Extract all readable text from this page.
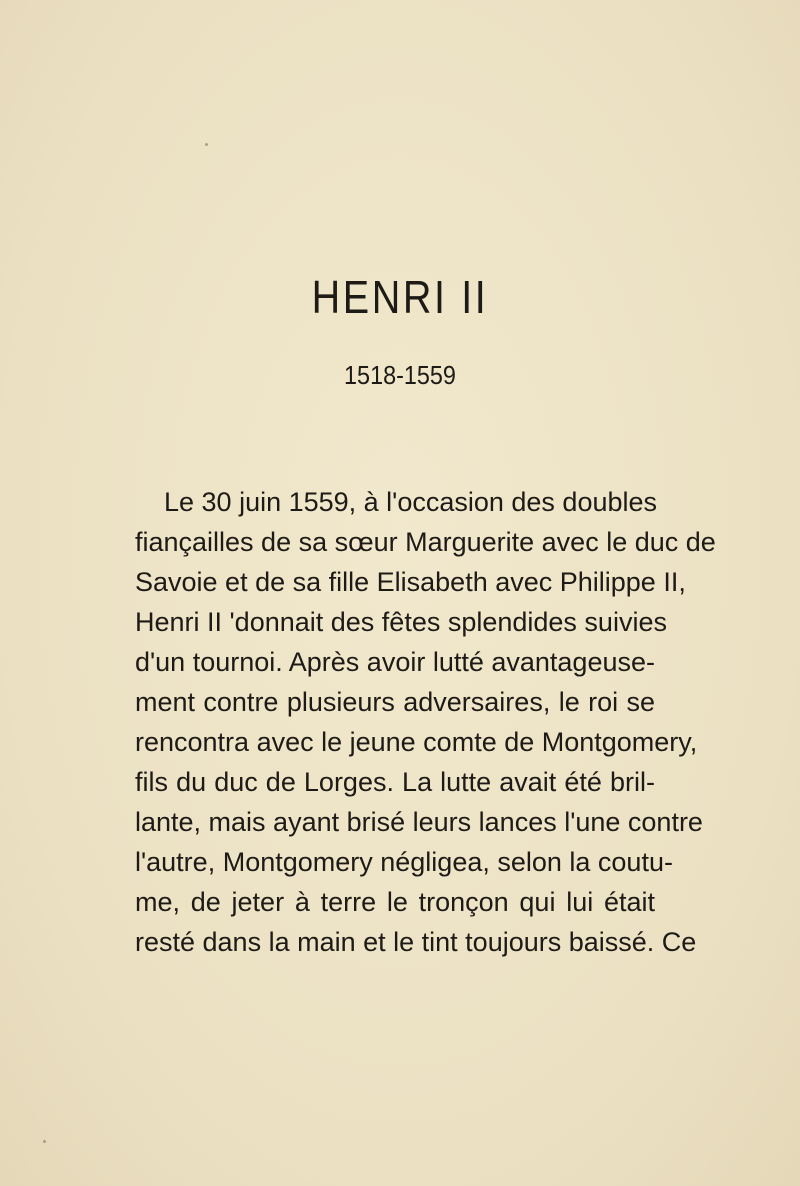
HENRI II
1518-1559
Le 30 juin 1559, à l'occasion des doubles
fiançailles de sa sœur Marguerite avec le duc de
Savoie et de sa fille Elisabeth avec Philippe II,
Henri II 'donnait des fêtes splendides suivies
d'un tournoi. Après avoir lutté avantageuse-
ment contre plusieurs adversaires, le roi se
rencontra avec le jeune comte de Montgomery,
fils du duc de Lorges. La lutte avait été bril-
lante, mais ayant brisé leurs lances l'une contre
l'autre, Montgomery négligea, selon la coutu-
me, de jeter à terre le tronçon qui lui était
resté dans la main et le tint toujours baissé. Ce
